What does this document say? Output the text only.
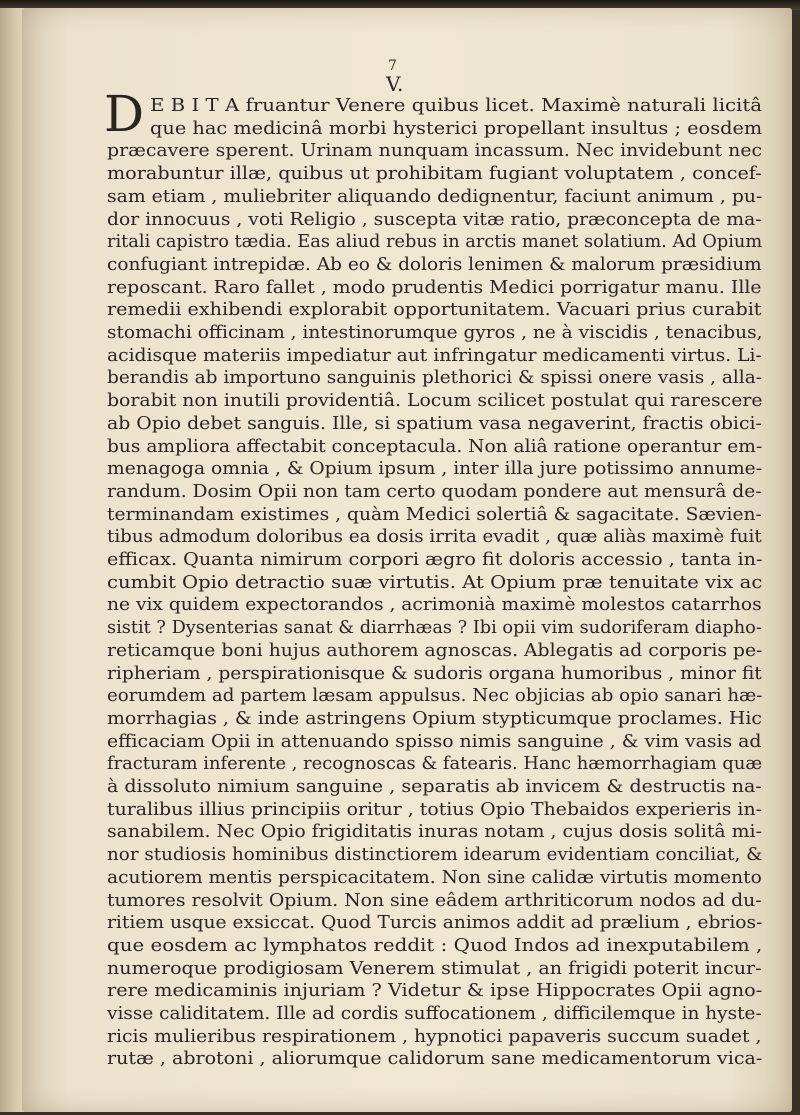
7
V.
D E B I T A fruantur Venere quibus licet. Maximè naturali licitâ
que hac medicinâ morbi hysterici propellant insultus ; eosdem
præcavere sperent. Urinam nunquam incassum. Nec invidebunt nec
morabuntur illæ, quibus ut prohibitam fugiant voluptatem , concef-
sam etiam , muliebriter aliquando dedignentur, faciunt animum , pu-
dor innocuus , voti Religio , suscepta vitæ ratio, præconcepta de ma-
ritali capistro tædia. Eas aliud rebus in arctis manet solatium. Ad Opium
confugiant intrepidæ. Ab eo & doloris lenimen & malorum præsidium
reposcant. Raro fallet , modo prudentis Medici porrigatur manu. Ille
remedii exhibendi explorabit opportunitatem. Vacuari prius curabit
stomachi officinam , intestinorumque gyros , ne à viscidis , tenacibus,
acidisque materiis impediatur aut infringatur medicamenti virtus. Li-
berandis ab importuno sanguinis plethorici & spissi onere vasis , alla-
borabit non inutili providentiâ. Locum scilicet postulat qui rarescere
ab Opio debet sanguis. Ille, si spatium vasa negaverint, fractis obici-
bus ampliora affectabit conceptacula. Non aliâ ratione operantur em-
menagoga omnia , & Opium ipsum , inter illa jure potissimo annume-
randum. Dosim Opii non tam certo quodam pondere aut mensurâ de-
terminandam existimes , quàm Medici solertiâ & sagacitate. Sævien-
tibus admodum doloribus ea dosis irrita evadit , quæ aliàs maximè fuit
efficax. Quanta nimirum corpori ægro fit doloris accessio , tanta in-
cumbit Opio detractio suæ virtutis. At Opium præ tenuitate vix ac
ne vix quidem expectorandos , acrimonià maximè molestos catarrhos
sistit ? Dysenterias sanat & diarrhæas ? Ibi opii vim sudoriferam diapho-
reticamque boni hujus authorem agnoscas. Ablegatis ad corporis pe-
ripheriam , perspirationisque & sudoris organa humoribus , minor fit
eorumdem ad partem læsam appulsus. Nec objicias ab opio sanari hæ-
morrhagias , & inde astringens Opium stypticumque proclames. Hic
efficaciam Opii in attenuando spisso nimis sanguine , & vim vasis ad
fracturam inferente , recognoscas & fatearis. Hanc hæmorrhagiam quæ
à dissoluto nimium sanguine , separatis ab invicem & destructis na-
turalibus illius principiis oritur , totius Opio Thebaidos experieris in-
sanabilem. Nec Opio frigiditatis inuras notam , cujus dosis solitâ mi-
nor studiosis hominibus distinctiorem idearum evidentiam conciliat, &
acutiorem mentis perspicacitatem. Non sine calidæ virtutis momento
tumores resolvit Opium. Non sine eâdem arthriticorum nodos ad du-
ritiem usque exsiccat. Quod Turcis animos addit ad prælium , ebrios-
que eosdem ac lymphatos reddit : Quod Indos ad inexputabilem ,
numeroque prodigiosam Venerem stimulat , an frigidi poterit incur-
rere medicaminis injuriam ? Videtur & ipse Hippocrates Opii agno-
visse caliditatem. Ille ad cordis suffocationem , difficilemque in hyste-
ricis mulieribus respirationem , hypnotici papaveris succum suadet ,
rutæ , abrotoni , aliorumque calidorum sane medicamentorum vica-
